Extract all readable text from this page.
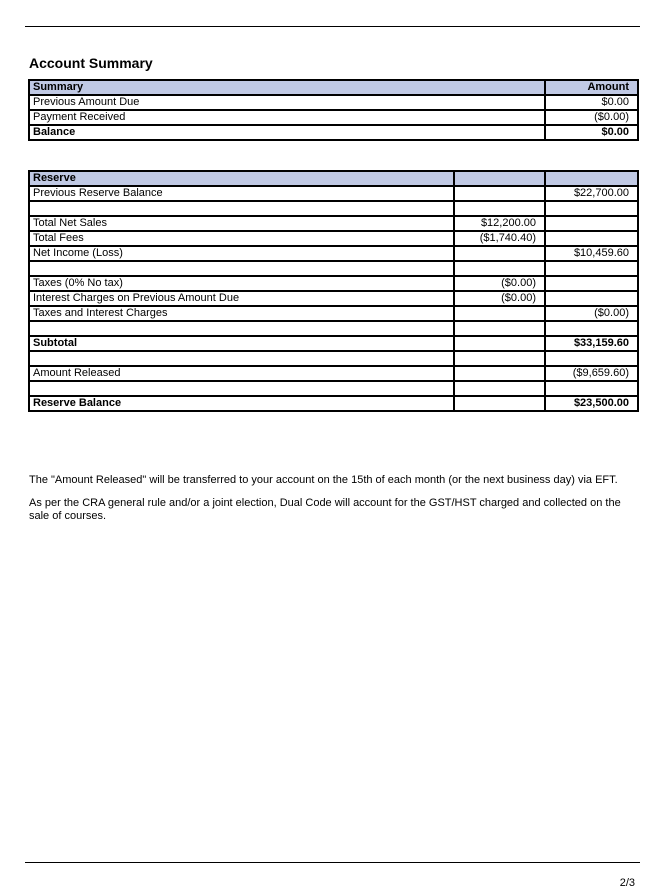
Account Summary
Summary	Amount
Previous Amount Due	$0.00
Payment Received	($0.00)
Balance	$0.00
Reserve		
Previous Reserve Balance		$22,700.00

Total Net Sales	$12,200.00	
Total Fees	($1,740.40)	
Net Income (Loss)		$10,459.60

Taxes (0% No tax)	($0.00)	
Interest Charges on Previous Amount Due	($0.00)	
Taxes and Interest Charges		($0.00)

Subtotal		$33,159.60

Amount Released		($9,659.60)

Reserve Balance		$23,500.00
The "Amount Released" will be transferred to your account on the 15th of each month (or the next business day) via EFT.
As per the CRA general rule and/or a joint election, Dual Code will account for the GST/HST charged and collected on the sale of courses.
2/3
